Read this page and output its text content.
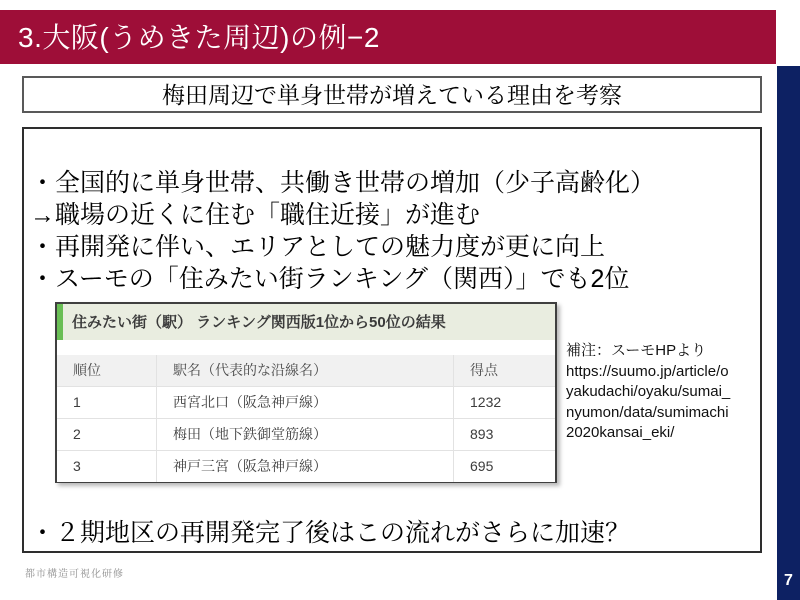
3.大阪(うめきた周辺)の例−2
7
梅田周辺で単身世帯が増えている理由を考察
・全国的に単身世帯、共働き世帯の増加（少子高齢化）
→職場の近くに住む「職住近接」が進む
・再開発に伴い、エリアとしての魅力度が更に向上
・スーモの「住みたい街ランキング（関西）」でも2位
住みたい街（駅） ランキング関西版1位から50位の結果
順位	駅名（代表的な沿線名）	得点
1	西宮北口（阪急神戸線）	1232
2	梅田（地下鉄御堂筋線）	893
3	神戸三宮（阪急神戸線）	695
・２期地区の再開発完了後はこの流れがさらに加速？
補注：スーモHPより
https://suumo.jp/article/o
yakudachi/oyaku/sumai_
nyumon/data/sumimachi
2020kansai_eki/
都市構造可視化研修
